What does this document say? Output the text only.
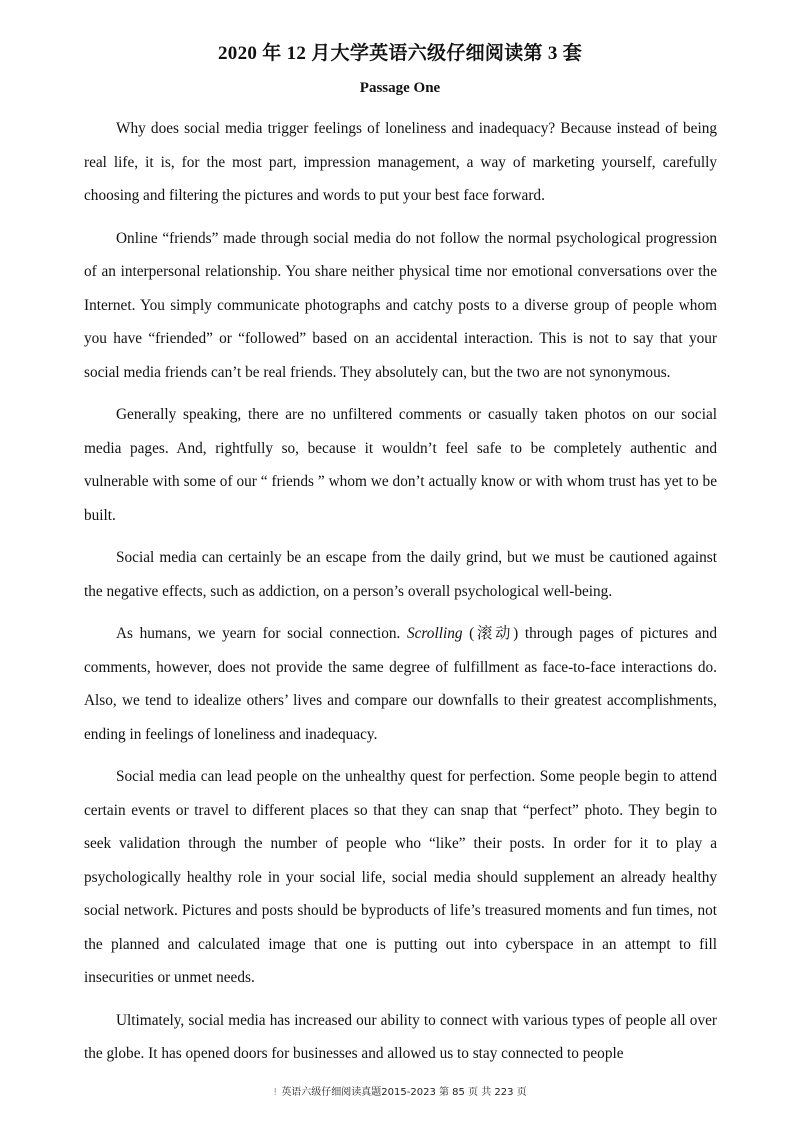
2020 年 12 月大学英语六级仔细阅读第 3 套
Passage One

Why does social media trigger feelings of loneliness and inadequacy? Because instead of being real life, it is, for the most part, impression management, a way of marketing yourself, carefully choosing and filtering the pictures and words to put your best face forward.

Online “friends” made through social media do not follow the normal psychological progression of an interpersonal relationship. You share neither physical time nor emotional conversations over the Internet. You simply communicate photographs and catchy posts to a diverse group of people whom you have “friended” or “followed” based on an accidental interaction. This is not to say that your social media friends can’t be real friends. They absolutely can, but the two are not synonymous.

Generally speaking, there are no unfiltered comments or casually taken photos on our social media pages. And, rightfully so, because it wouldn’t feel safe to be completely authentic and vulnerable with some of our “ friends ” whom we don’t actually know or with whom trust has yet to be built.

Social media can certainly be an escape from the daily grind, but we must be cautioned against the negative effects, such as addiction, on a person’s overall psychological well-being.

As humans, we yearn for social connection. Scrolling (滚动) through pages of pictures and comments, however, does not provide the same degree of fulfillment as face-to-face interactions do. Also, we tend to idealize others’ lives and compare our downfalls to their greatest accomplishments, ending in feelings of loneliness and inadequacy.

Social media can lead people on the unhealthy quest for perfection. Some people begin to attend certain events or travel to different places so that they can snap that “perfect” photo. They begin to seek validation through the number of people who “like” their posts. In order for it to play a psychologically healthy role in your social life, social media should supplement an already healthy social network. Pictures and posts should be byproducts of life’s treasured moments and fun times, not the planned and calculated image that one is putting out into cyberspace in an attempt to fill insecurities or unmet needs.

Ultimately, social media has increased our ability to connect with various types of people all over the globe. It has opened doors for businesses and allowed us to stay connected to people

! 英语六级仔细阅读真题2015-2023 第 85 页 共 223 页
